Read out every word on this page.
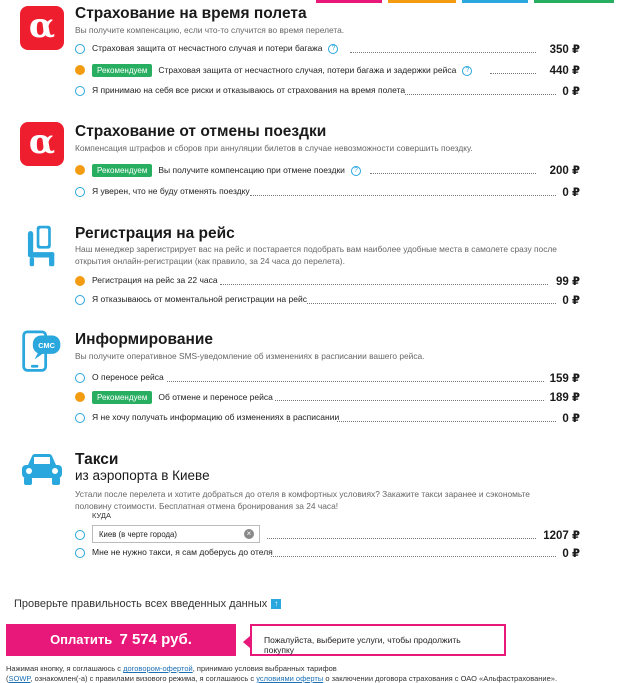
α	Страхование на время полета
Вы получите компенсацию, если что-то случится во время перелета.
Страховая защита от несчастного случая и потери багажа ?	350 ₽
Рекомендуем Страховая защита от несчастного случая, потери багажа и задержки рейса ?	440 ₽
Я принимаю на себя все риски и отказываюсь от страхования на время полета	0 ₽
α	Страхование от отмены поездки
Компенсация штрафов и сборов при аннуляции билетов в случае невозможности совершить поездку.
Рекомендуем Вы получите компенсацию при отмене поездки ?	200 ₽
Я уверен, что не буду отменять поездку	0 ₽
Регистрация на рейс
Наш менеджер зарегистрирует вас на рейс и постарается подобрать вам наиболее удобные места в самолете сразу после открытия онлайн-регистрации (как правило, за 24 часа до перелета).
Регистрация на рейс за 22 часа	99 ₽
Я отказываюсь от моментальной регистрации на рейс	0 ₽
СМС Информирование
Вы получите оперативное SMS-уведомление об изменениях в расписании вашего рейса.
О переносе рейса	159 ₽
Рекомендуем Об отмене и переносе рейса	189 ₽
Я не хочу получать информацию об изменениях в расписании	0 ₽
Такси
из аэропорта в Киеве
Устали после перелета и хотите добраться до отеля в комфортных условиях? Закажите такси заранее и сэкономьте половину стоимости. Бесплатная отмена бронирования за 24 часа!
КУДА
Киев (в черте города)	×	1207 ₽
Мне не нужно такси, я сам доберусь до отеля	0 ₽
Проверьте правильность всех введенных данных ↑
Оплатить 7 574 руб.	Пожалуйста, выберите услуги, чтобы продолжить покупку
Нажимая кнопку, я соглашаюсь с договором-офертой, принимаю условия выбранных тарифов
(SOWP, ознакомлен(-а) с правилами визового режима, я соглашаюсь с условиями оферты о заключении договора страхования с ОАО «Альфастрахование».
